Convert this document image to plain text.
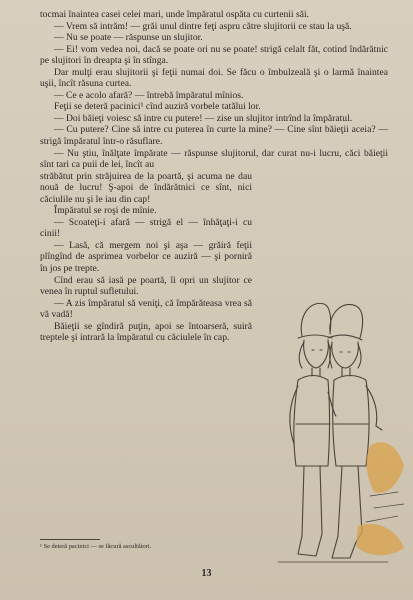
tocmai înaintea casei celei mari, unde împăratul ospăta cu curtenii săi.

— Vrem să intrăm! — grăi unul dintre feţi aspru către slujitorii ce stau la uşă.

— Nu se poate — răspunse un slujitor.

— Ei! vom vedea noi, dacă se poate ori nu se poate! strigă celalt făt, cotind îndărătnic pe slujitori în dreapta şi în stînga.

Dar mulţi erau slujitorii şi feţii numai doi. Se făcu o îmbulzeală şi o larmă înaintea uşii, încît răsuna curtea.

— Ce e acolo afară? — întrebă împăratul mînios.

Feţii se deteră pacinici¹ cînd auziră vorbele tatălui lor.

— Doi băieţi voiesc să intre cu putere! — zise un slujitor intrînd la împăratul.

— Cu putere? Cine să intre cu puterea în curte la mine? — Cine sînt băieţii aceia? — strigă împăratul într-o răsuflare.

— Nu ştiu, înălţate împărate — răspunse slujitorul, dar curat nu-i lucru, căci băieţii sînt tari ca puii de lei, încît au

străbătut prin străjuirea de la poartă, şi acuma ne dau nouă de lucru! Ş-apoi de îndărătnici ce sînt, nici căciulile nu şi le iau din cap!

Împăratul se roşi de mînie.

— Scoateţi-i afară — strigă el — înhăţaţi-i cu cinii!

— Lasă, că mergem noi şi aşa — grăiră feţii plîngînd de asprimea vorbelor ce auziră — şi porniră în jos pe trepte.

Cînd erau să iasă pe poartă, îi opri un slujitor ce venea în ruptul sufletului.

— A zis împăratul să veniţi, că împărăteasa vrea să vă vadă!

Băieţii se gîndiră puţin, apoi se întoarseră, suiră treptele şi intrară la împăratul cu căciulele în cap.

¹ Se deteră pacinici — se făcură ascultători.
13
